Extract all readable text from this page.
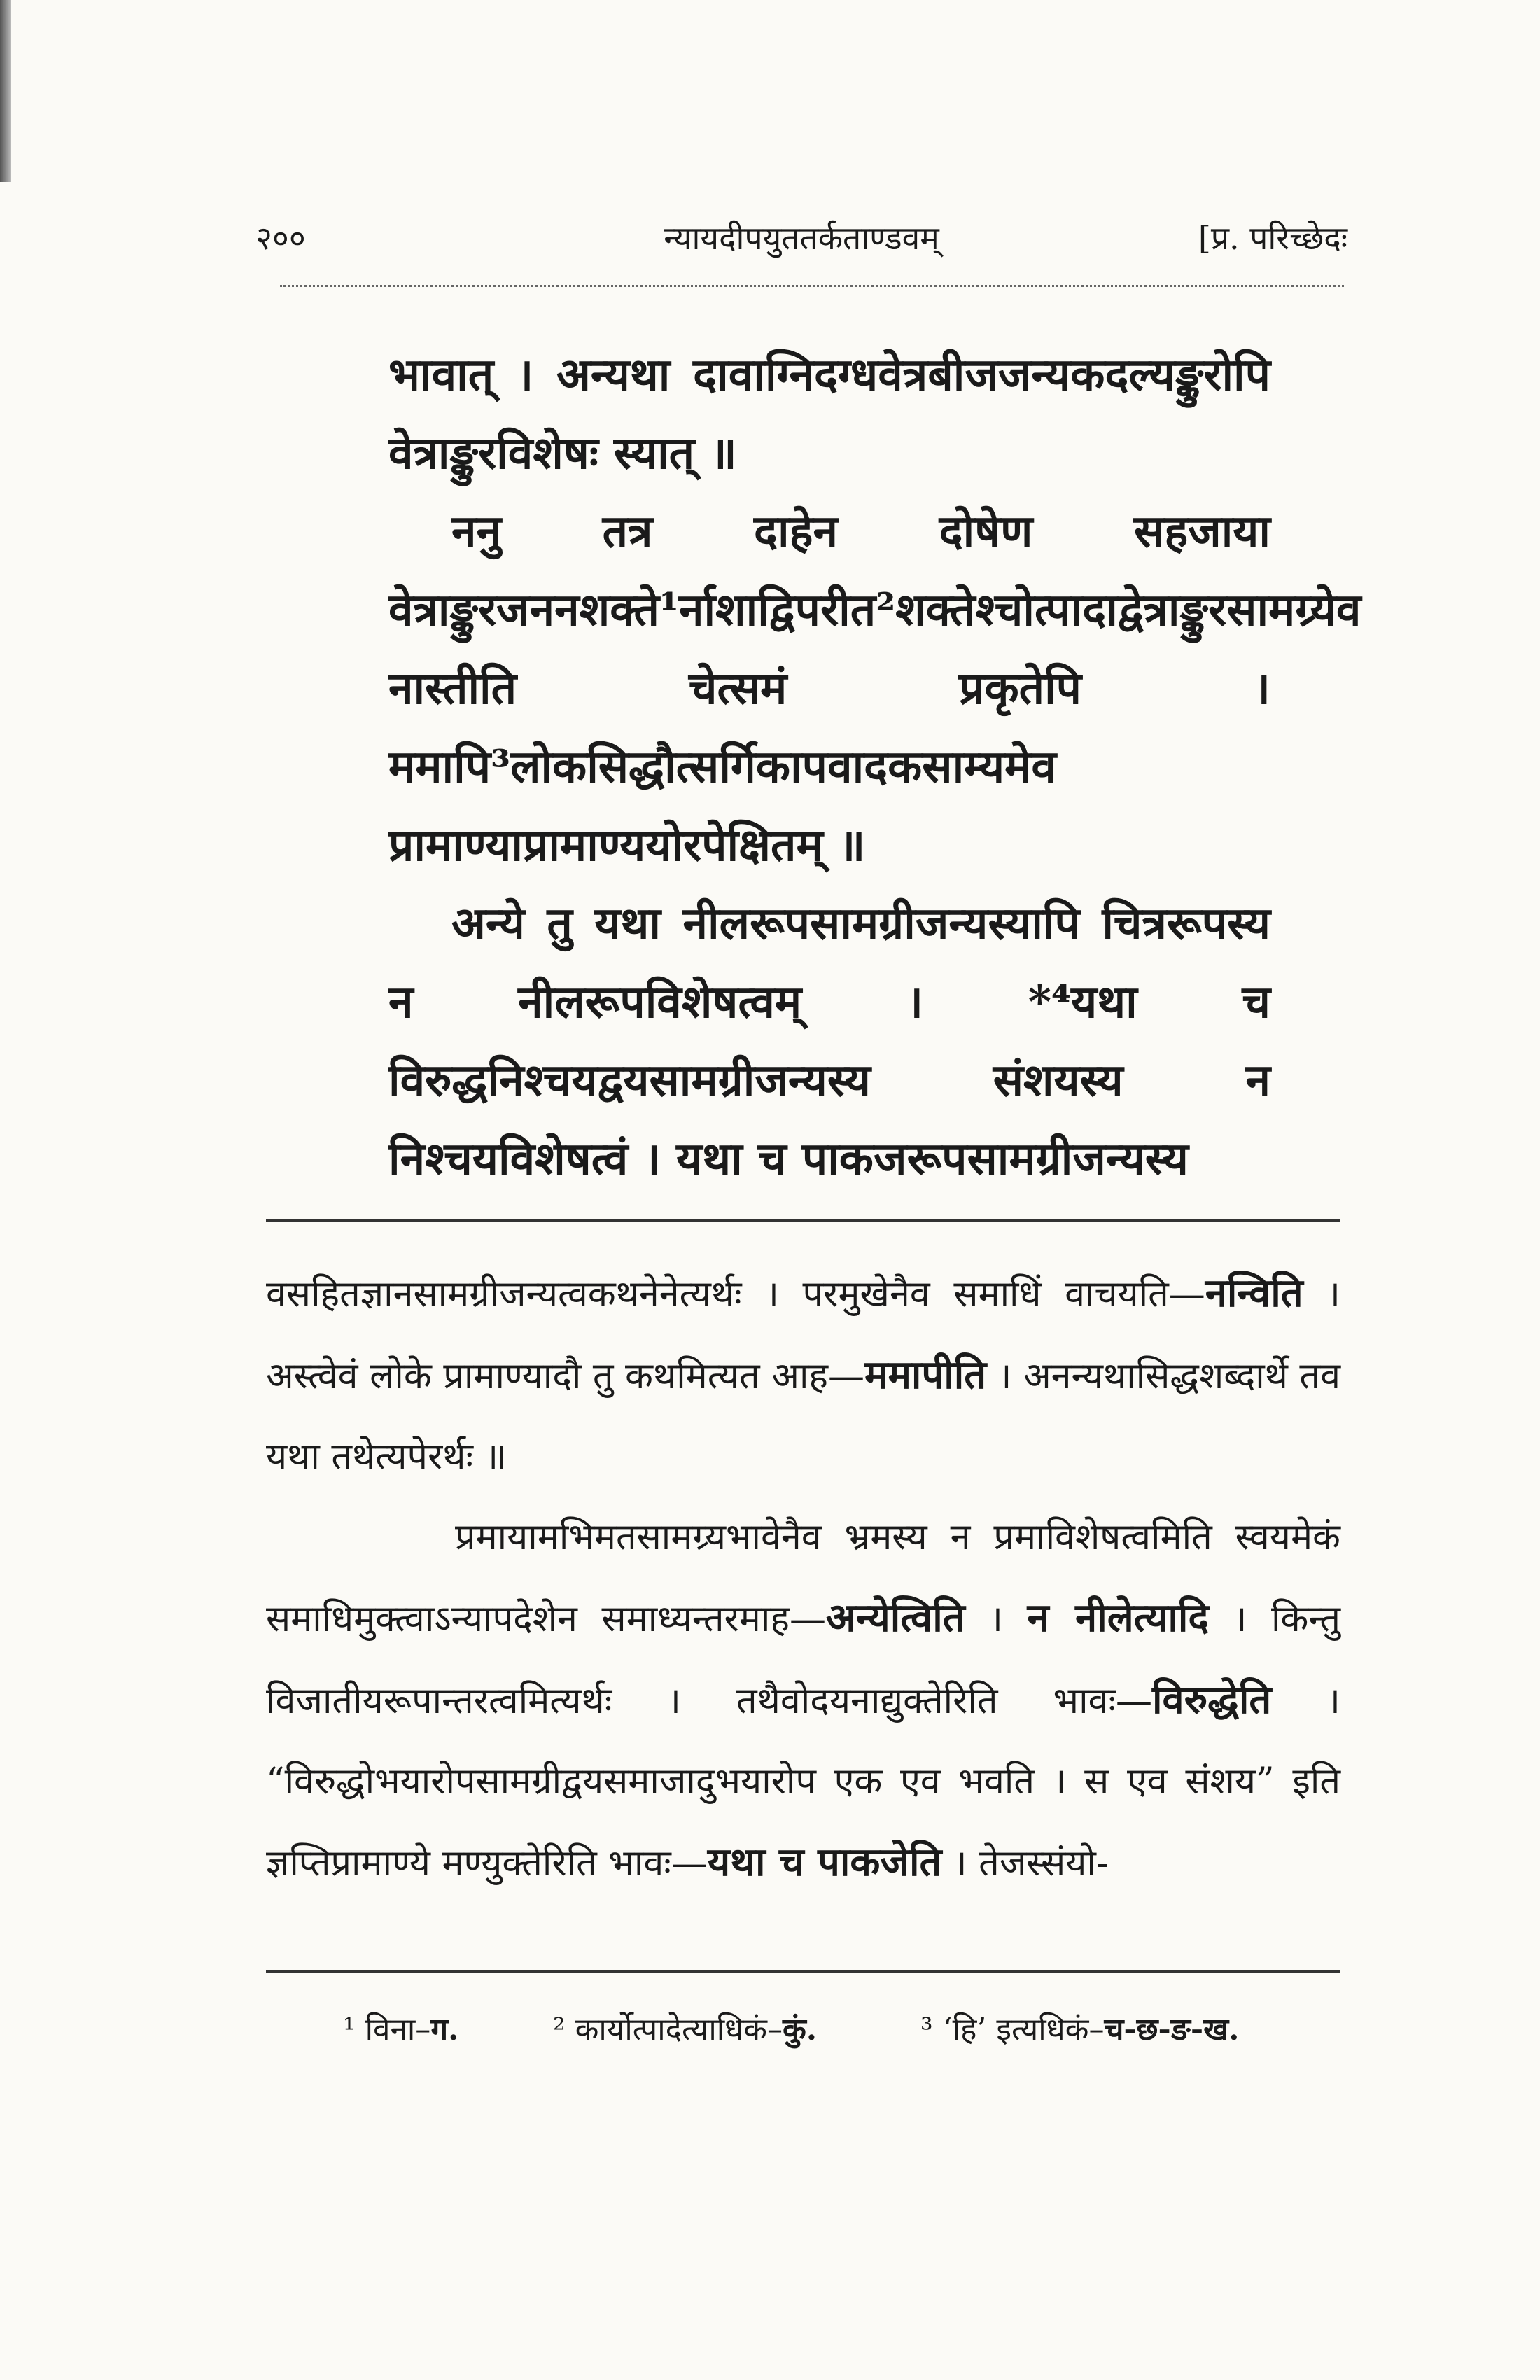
२००	न्यायदीपयुततर्कताण्डवम्	[प्र. परिच्छेदः

भावात् । अन्यथा दावाग्निदग्धवेत्रबीजजन्यकदल्यङ्कुरोपि वेत्राङ्कुरविशेषः स्यात् ॥

ननु तत्र दाहेन दोषेण सहजाया वेत्राङ्कुरजननशक्ते¹र्नाशाद्विपरीत²शक्तेश्चोत्पादाद्वेत्राङ्कुरसामग्र्येव नास्तीति चेत्समं प्रकृतेपि । ममापि³लोकसिद्धौत्सर्गिकापवादकसाम्यमेव प्रामाण्याप्रामाण्ययोरपेक्षितम् ॥

अन्ये तु यथा नीलरूपसामग्रीजन्यस्यापि चित्ररूपस्य न नीलरूपविशेषत्वम् । *⁴यथा च विरुद्धनिश्चयद्वयसामग्रीजन्यस्य संशयस्य न निश्चयविशेषत्वं । यथा च पाकजरूपसामग्रीजन्यस्य

वसहितज्ञानसामग्रीजन्यत्वकथनेनेत्यर्थः । परमुखेनैव समाधिं वाचयति—नन्विति । अस्त्वेवं लोके प्रामाण्यादौ तु कथमित्यत आह—ममापीति । अनन्यथासिद्धशब्दार्थे तव यथा तथेत्यपेरर्थः ॥

प्रमायामभिमतसामग्र्यभावेनैव भ्रमस्य न प्रमाविशेषत्वमिति स्वयमेकं समाधिमुक्त्वाऽन्यापदेशेन समाध्यन्तरमाह—अन्येत्विति । न नीलेत्यादि । किन्तु विजातीयरूपान्तरत्वमित्यर्थः । तथैवोदयनाद्युक्तेरिति भावः—विरुद्धेति । “विरुद्धोभयारोपसामग्रीद्वयसमाजादुभयारोप एक एव भवति । स एव संशय” इति ज्ञप्तिप्रामाण्ये मण्युक्तेरिति भावः—यथा च पाकजेति । तेजस्संयो-

¹ विना–ग.	² कार्योत्पादेत्याधिकं–कुं.	³ ‘हि’ इत्यधिकं–च-छ-ङ-ख.
